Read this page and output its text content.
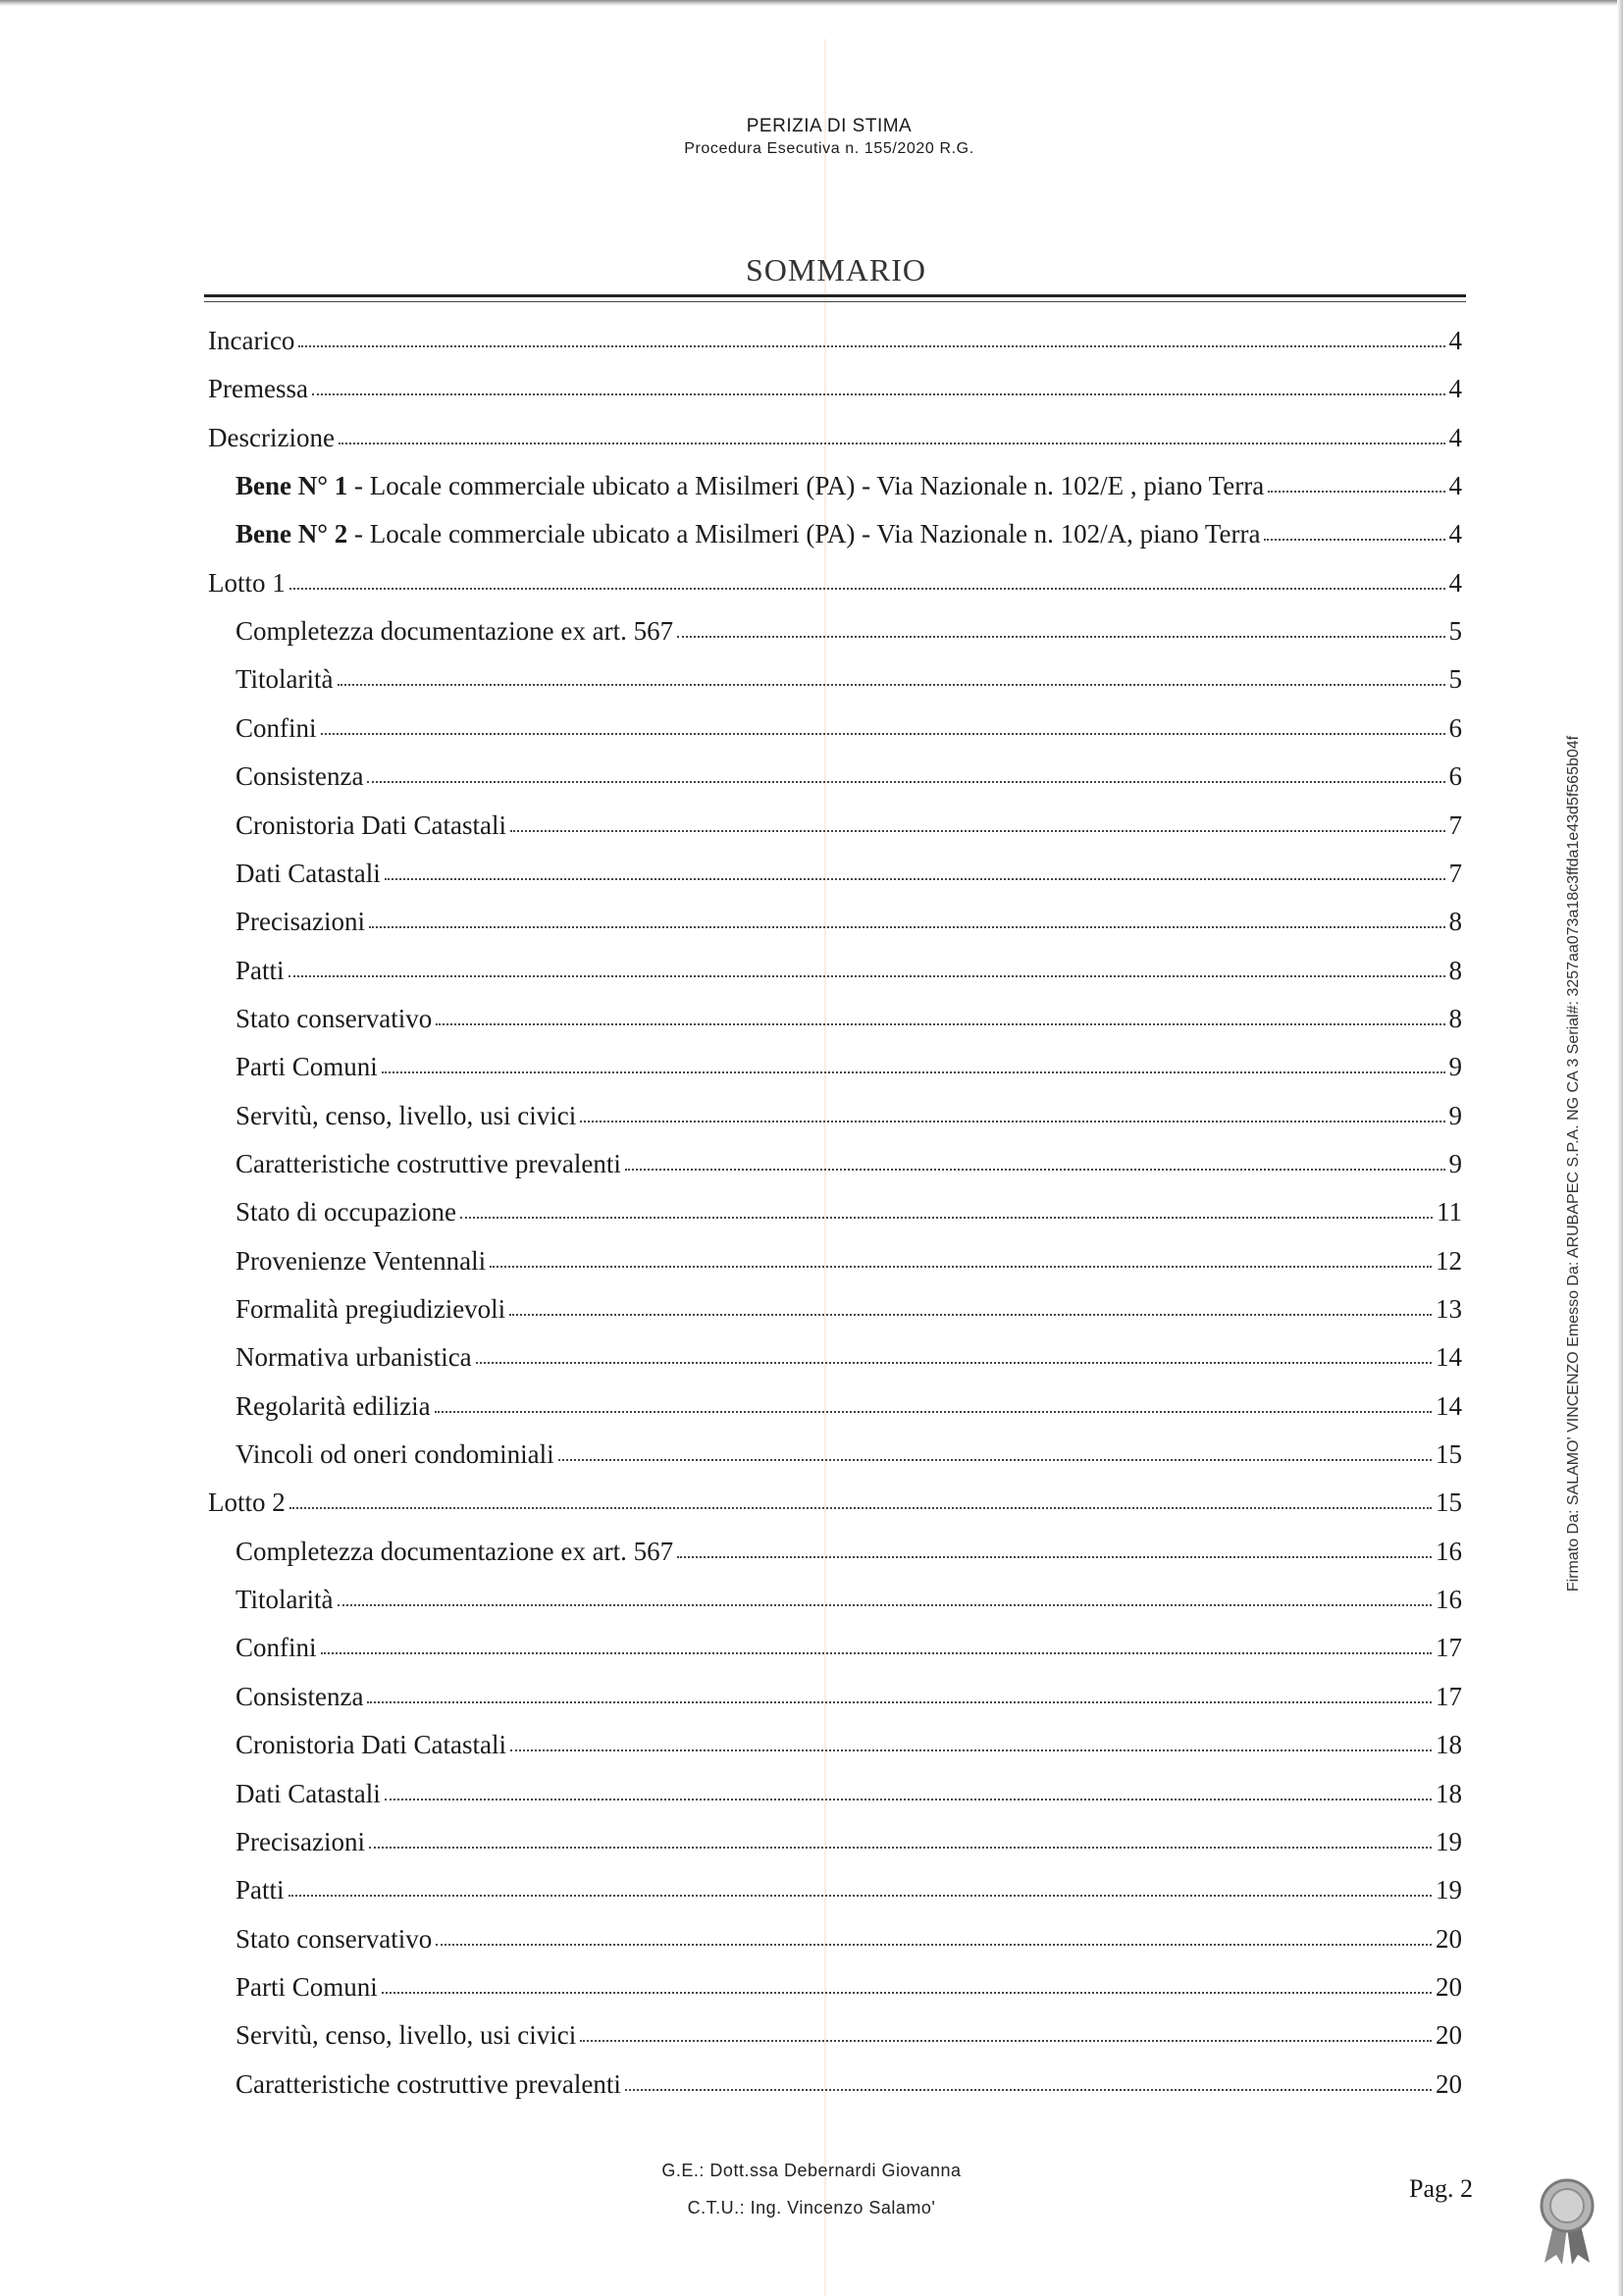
PERIZIA DI STIMA
Procedura Esecutiva n. 155/2020 R.G.
SOMMARIO
Incarico	4
Premessa	4
Descrizione	4
Bene N° 1 - Locale commerciale ubicato a Misilmeri (PA) - Via Nazionale n. 102/E , piano Terra	4
Bene N° 2 - Locale commerciale ubicato a Misilmeri (PA) - Via Nazionale n. 102/A, piano Terra	4
Lotto 1	4
Completezza documentazione ex art. 567	5
Titolarità	5
Confini	6
Consistenza	6
Cronistoria Dati Catastali	7
Dati Catastali	7
Precisazioni	8
Patti	8
Stato conservativo	8
Parti Comuni	9
Servitù, censo, livello, usi civici	9
Caratteristiche costruttive prevalenti	9
Stato di occupazione	11
Provenienze Ventennali	12
Formalità pregiudizievoli	13
Normativa urbanistica	14
Regolarità edilizia	14
Vincoli od oneri condominiali	15
Lotto 2	15
Completezza documentazione ex art. 567	16
Titolarità	16
Confini	17
Consistenza	17
Cronistoria Dati Catastali	18
Dati Catastali	18
Precisazioni	19
Patti	19
Stato conservativo	20
Parti Comuni	20
Servitù, censo, livello, usi civici	20
Caratteristiche costruttive prevalenti	20
G.E.: Dott.ssa Debernardi Giovanna
C.T.U.: Ing. Vincenzo Salamo'
Pag. 2
Firmato Da: SALAMO' VINCENZO Emesso Da: ARUBAPEC S.P.A. NG CA 3 Serial#: 3257aa073a18c3ffda1e43d5f565b04f
